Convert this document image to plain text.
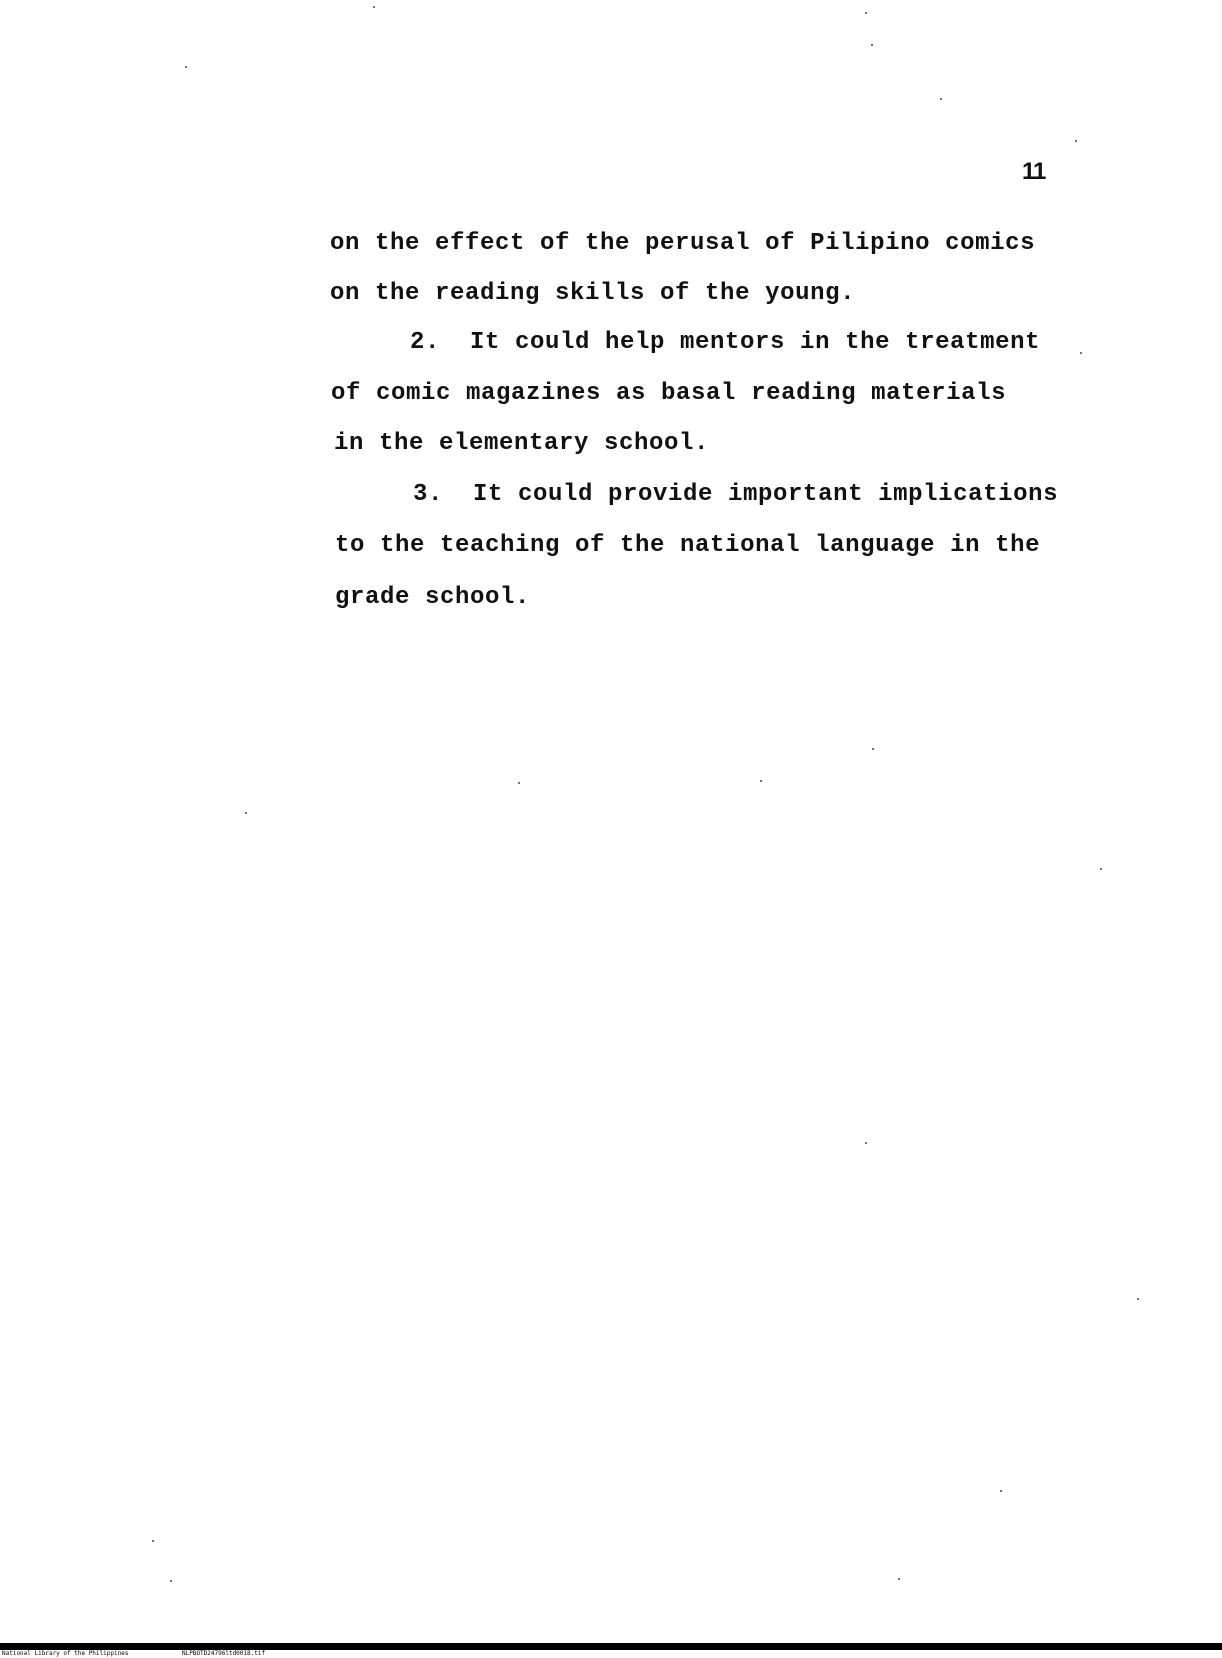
11
on the effect of the perusal of Pilipino comics
on the reading skills of the young.
2.  It could help mentors in the treatment
of comic magazines as basal reading materials
in the elementary school.
3.  It could provide important implications
to the teaching of the national language in the
grade school.
National Library of the Philippines	NLPBOTD24796ltd0018.tif
